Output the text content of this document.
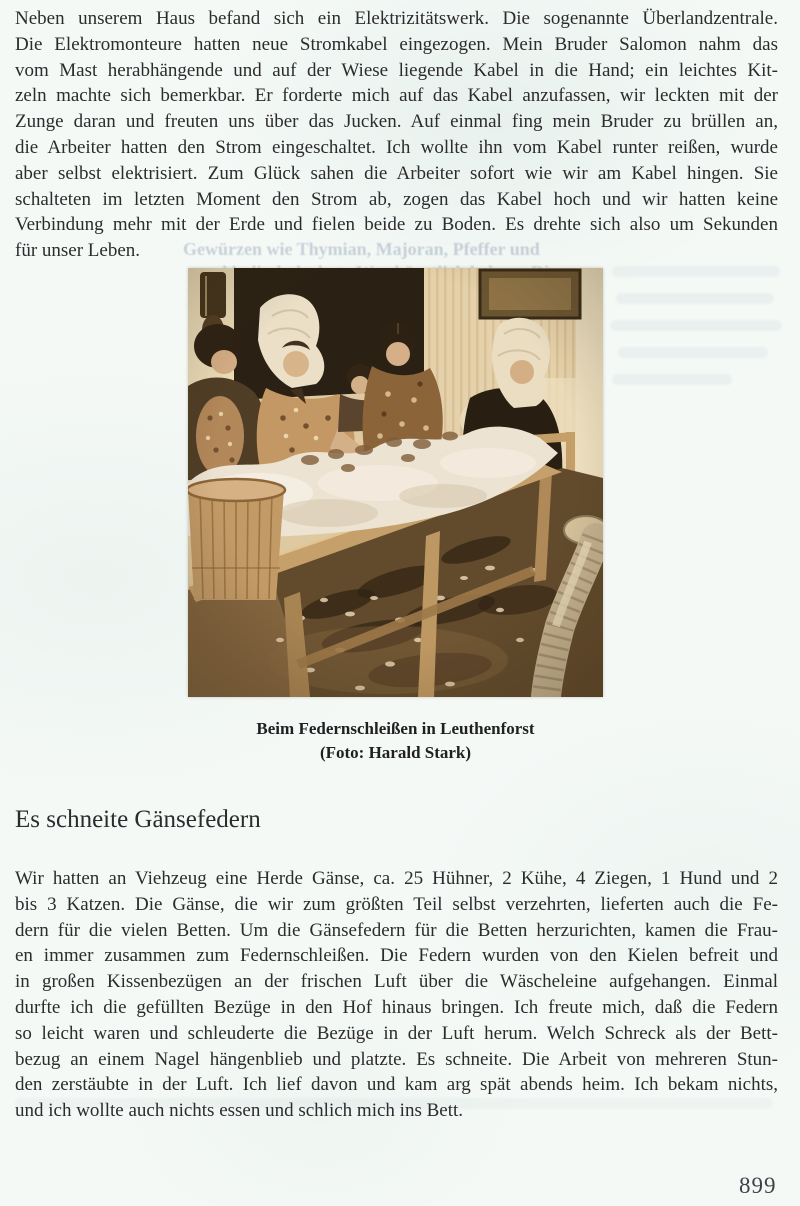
Neben unserem Haus befand sich ein Elektrizitätswerk. Die sogenannte Überlandzentrale.
Die Elektromonteure hatten neue Stromkabel eingezogen. Mein Bruder Salomon nahm das
vom Mast herabhängende und auf der Wiese liegende Kabel in die Hand; ein leichtes Kit-
zeln machte sich bemerkbar. Er forderte mich auf das Kabel anzufassen, wir leckten mit der
Zunge daran und freuten uns über das Jucken. Auf einmal fing mein Bruder zu brüllen an,
die Arbeiter hatten den Strom eingeschaltet. Ich wollte ihn vom Kabel runter reißen, wurde
aber selbst elektrisiert. Zum Glück sahen die Arbeiter sofort wie wir am Kabel hingen. Sie
schalteten im letzten Moment den Strom ab, zogen das Kabel hoch und wir hatten keine
Verbindung mehr mit der Erde und fielen beide zu Boden. Es drehte sich also um Sekunden
für unser Leben.	Gewürzen wie Thymian, Majoran, Pfeffer und
Beim Federnschleißen in Leuthenforst
(Foto: Harald Stark)
Es schneite Gänsefedern
Wir hatten an Viehzeug eine Herde Gänse, ca. 25 Hühner, 2 Kühe, 4 Ziegen, 1 Hund und 2
bis 3 Katzen. Die Gänse, die wir zum größten Teil selbst verzehrten, lieferten auch die Fe-
dern für die vielen Betten. Um die Gänsefedern für die Betten herzurichten, kamen die Frau-
en immer zusammen zum Federnschleißen. Die Federn wurden von den Kielen befreit und
in großen Kissenbezügen an der frischen Luft über die Wäscheleine aufgehangen. Einmal
durfte ich die gefüllten Bezüge in den Hof hinaus bringen. Ich freute mich, daß die Federn
so leicht waren und schleuderte die Bezüge in der Luft herum. Welch Schreck als der Bett-
bezug an einem Nagel hängenblieb und platzte. Es schneite. Die Arbeit von mehreren Stun-
den zerstäubte in der Luft. Ich lief davon und kam arg spät abends heim. Ich bekam nichts,
und ich wollte auch nichts essen und schlich mich ins Bett.
899
